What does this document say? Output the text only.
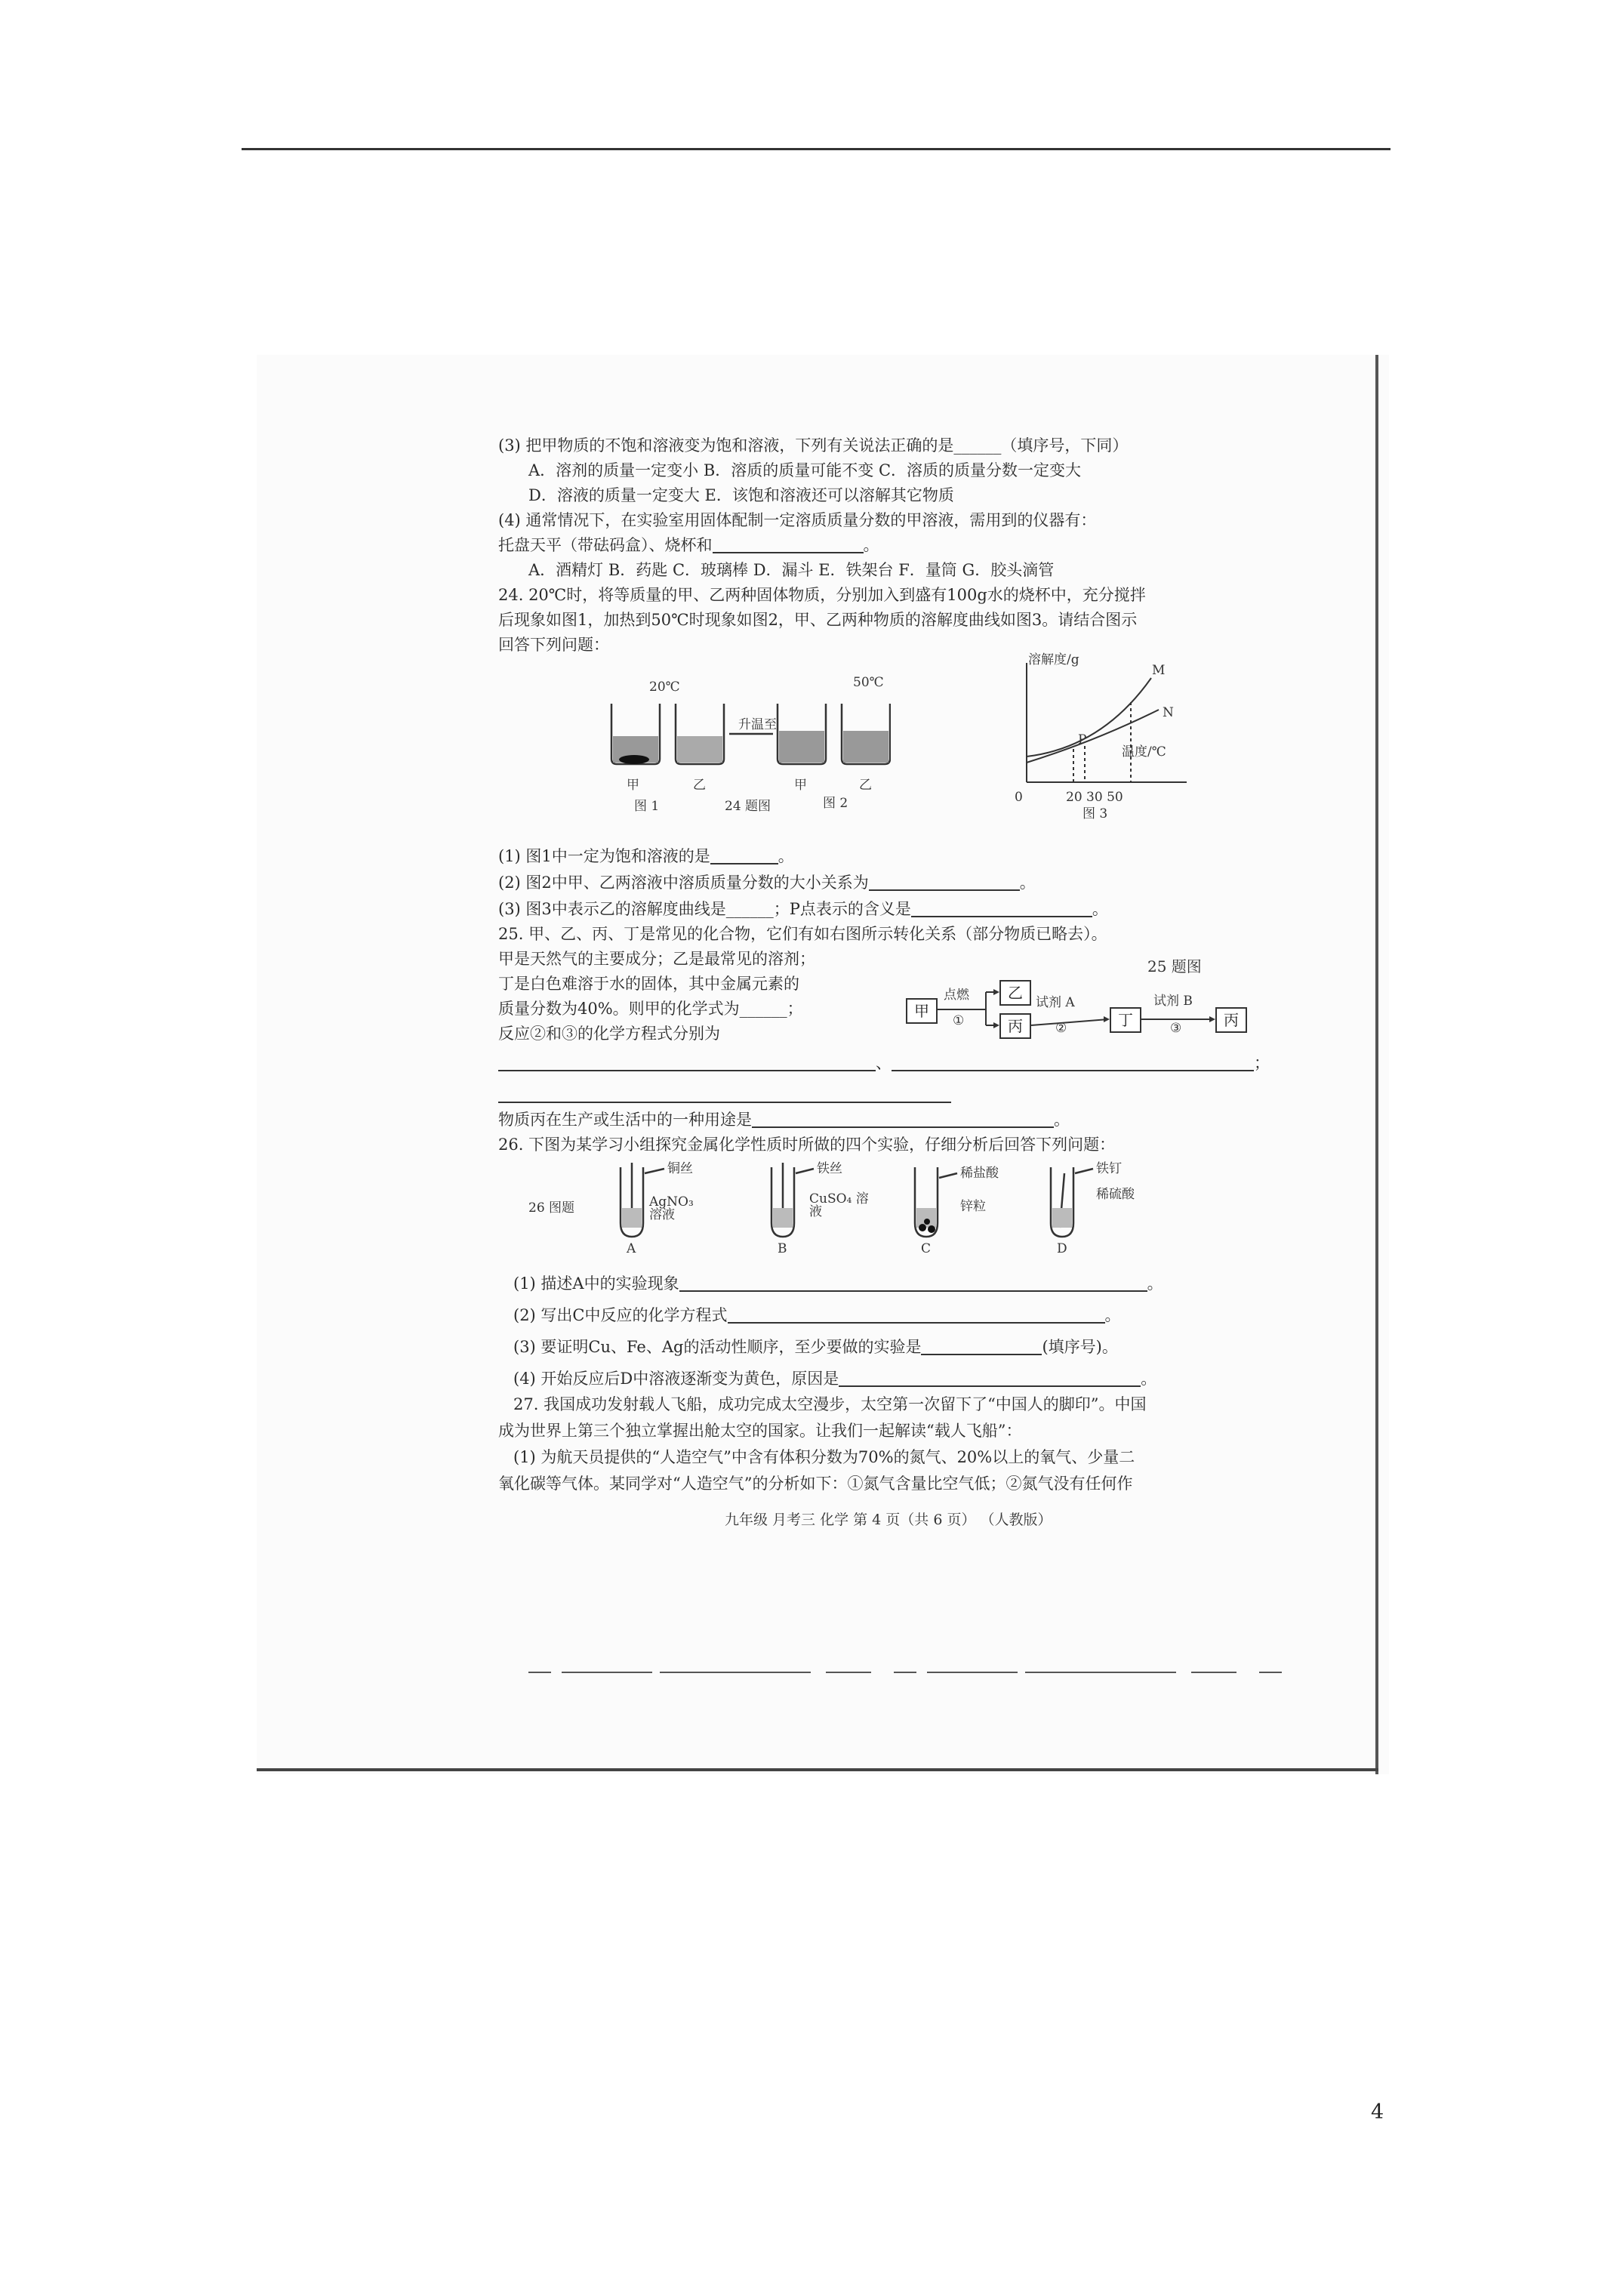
(3) 把甲物质的不饱和溶液变为饱和溶液，下列有关说法正确的是______（填序号，下同）
A．溶剂的质量一定变小 B．溶质的质量可能不变 C．溶质的质量分数一定变大
D．溶液的质量一定变大 E．该饱和溶液还可以溶解其它物质
(4) 通常情况下，在实验室用固体配制一定溶质质量分数的甲溶液，需用到的仪器有：
托盘天平（带砝码盒）、烧杯和	。
A．酒精灯 B．药匙 C．玻璃棒 D．漏斗 E．铁架台 F．量筒 G．胶头滴管
24. 20℃时，将等质量的甲、乙两种固体物质，分别加入到盛有100g水的烧杯中，充分搅拌
后现象如图1，加热到50℃时现象如图2，甲、乙两种物质的溶解度曲线如图3。请结合图示
回答下列问题：
20℃	50℃
升温至
甲	乙	甲	乙
图 1	24 题图	图 2
溶解度/g
M
N
P
温度/℃
0	20 30 50
图 3
(1) 图1中一定为饱和溶液的是	。
(2) 图2中甲、乙两溶液中溶质质量分数的大小关系为	。
(3) 图3中表示乙的溶解度曲线是______；P点表示的含义是	。
25. 甲、乙、丙、丁是常见的化合物，它们有如右图所示转化关系（部分物质已略去）。
甲是天然气的主要成分；乙是最常见的溶剂；
丁是白色难溶于水的固体，其中金属元素的
质量分数为40%。则甲的化学式为______；
反应②和③的化学方程式分别为
、	；
物质丙在生产或生活中的一种用途是	。
25 题图
甲
乙
丙	丁	丙
点燃
①
试剂 A
②
试剂 B
③
26. 下图为某学习小组探究金属化学性质时所做的四个实验，仔细分析后回答下列问题：
26 图题
铜丝
AgNO₃ 溶液
铁丝
CuSO₄ 溶液
稀盐酸
锌粒
铁钉
稀硫酸
A	B	C	D
(1) 描述A中的实验现象	。
(2) 写出C中反应的化学方程式	。
(3) 要证明Cu、Fe、Ag的活动性顺序，至少要做的实验是	(填序号)。
(4) 开始反应后D中溶液逐渐变为黄色，原因是	。
27. 我国成功发射载人飞船，成功完成太空漫步，太空第一次留下了“中国人的脚印”。中国
成为世界上第三个独立掌握出舱太空的国家。让我们一起解读“载人飞船”：
(1) 为航天员提供的“人造空气”中含有体积分数为70%的氮气、20%以上的氧气、少量二
氧化碳等气体。某同学对“人造空气”的分析如下：①氮气含量比空气低；②氮气没有任何作
九年级 月考三 化学 第 4 页（共 6 页） （人教版）
4
